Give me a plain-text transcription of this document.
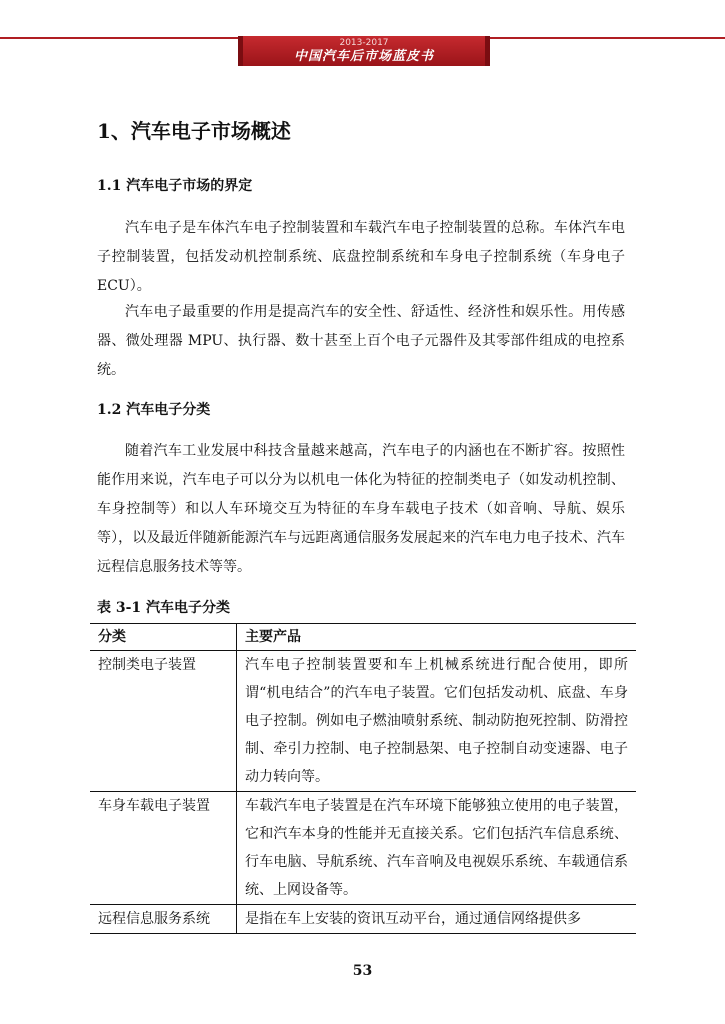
2013-2017
中国汽车后市场蓝皮书
1、汽车电子市场概述
1.1 汽车电子市场的界定

汽车电子是车体汽车电子控制装置和车载汽车电子控制装置的总称。车体汽车电子控制装置，包括发动机控制系统、底盘控制系统和车身电子控制系统（车身电子 ECU）。

汽车电子最重要的作用是提高汽车的安全性、舒适性、经济性和娱乐性。用传感器、微处理器 MPU、执行器、数十甚至上百个电子元器件及其零部件组成的电控系统。

1.2 汽车电子分类

随着汽车工业发展中科技含量越来越高，汽车电子的内涵也在不断扩容。按照性能作用来说，汽车电子可以分为以机电一体化为特征的控制类电子（如发动机控制、车身控制等）和以人车环境交互为特征的车身车载电子技术（如音响、导航、娱乐等），以及最近伴随新能源汽车与远距离通信服务发展起来的汽车电力电子技术、汽车远程信息服务技术等等。

表 3-1 汽车电子分类
分类	主要产品
控制类电子装置	汽车电子控制装置要和车上机械系统进行配合使用，即所谓“机电结合”的汽车电子装置。它们包括发动机、底盘、车身电子控制。例如电子燃油喷射系统、制动防抱死控制、防滑控制、牵引力控制、电子控制悬架、电子控制自动变速器、电子动力转向等。
车身车载电子装置	车载汽车电子装置是在汽车环境下能够独立使用的电子装置，它和汽车本身的性能并无直接关系。它们包括汽车信息系统、行车电脑、导航系统、汽车音响及电视娱乐系统、车载通信系统、上网设备等。
远程信息服务系统	是指在车上安装的资讯互动平台，通过通信网络提供多
53
